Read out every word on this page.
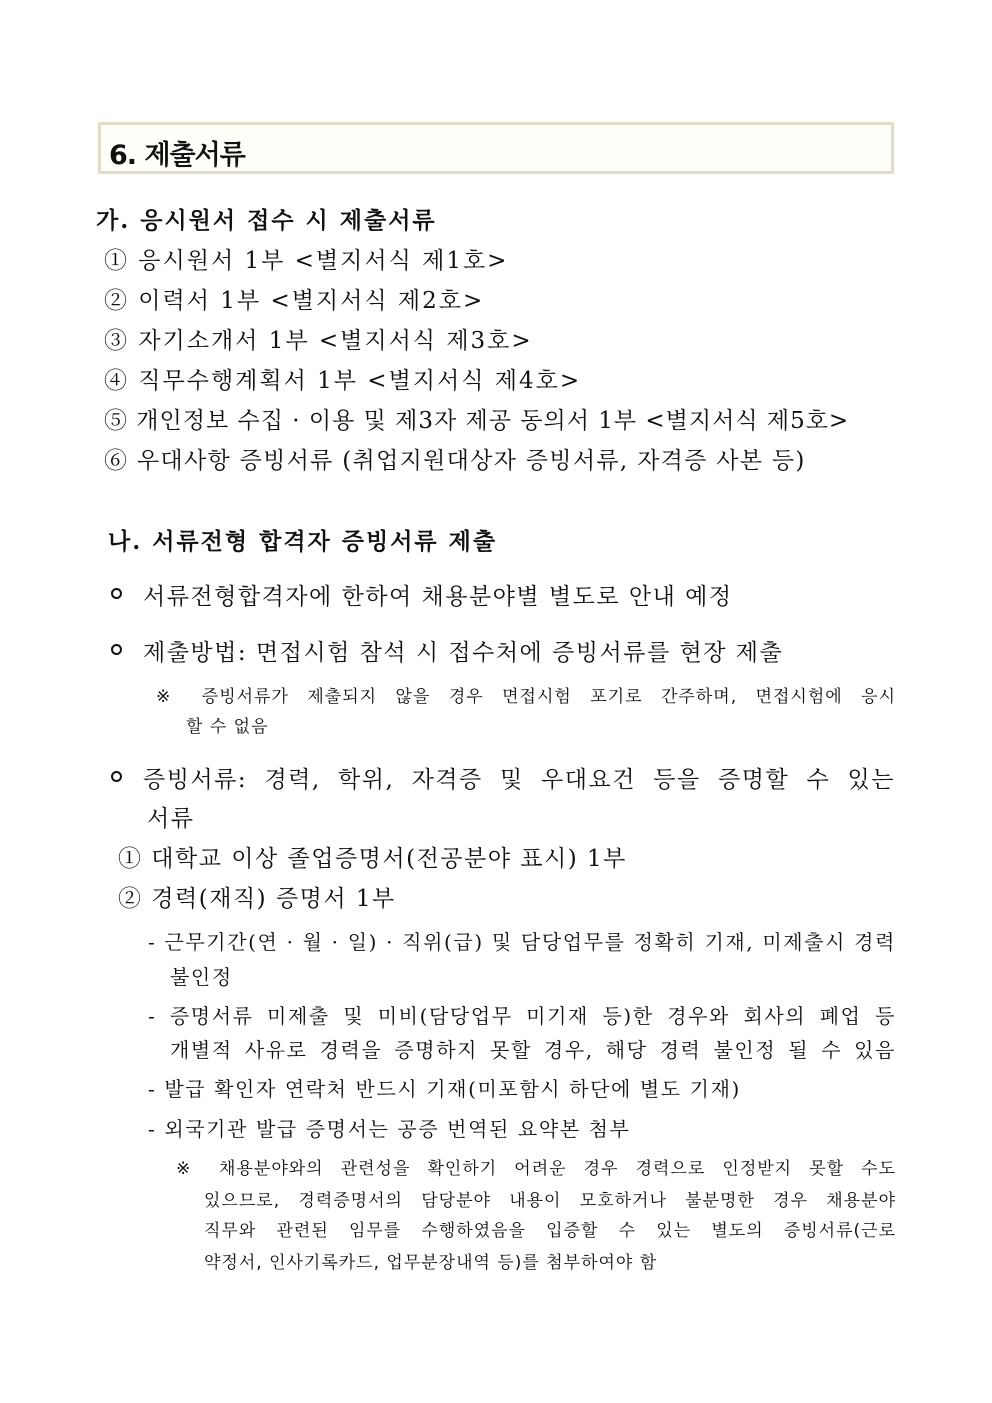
6. 제출서류
가. 응시원서 접수 시 제출서류
① 응시원서 1부 <별지서식 제1호>
② 이력서 1부 <별지서식 제2호>
③ 자기소개서 1부 <별지서식 제3호>
④ 직무수행계획서 1부 <별지서식 제4호>
⑤ 개인정보 수집 · 이용 및 제3자 제공 동의서 1부 <별지서식 제5호>
⑥ 우대사항 증빙서류 (취업지원대상자 증빙서류, 자격증 사본 등)
나. 서류전형 합격자 증빙서류 제출
서류전형합격자에 한하여 채용분야별 별도로 안내 예정
제출방법: 면접시험 참석 시 접수처에 증빙서류를 현장 제출
※ 증빙서류가 제출되지 않을 경우 면접시험 포기로 간주하며, 면접시험에 응시
할 수 없음
증빙서류: 경력, 학위, 자격증 및 우대요건 등을 증명할 수 있는
서류
① 대학교 이상 졸업증명서(전공분야 표시) 1부
② 경력(재직) 증명서 1부
- 근무기간(연 · 월 · 일) · 직위(급) 및 담당업무를 정확히 기재, 미제출시 경력
불인정
- 증명서류 미제출 및 미비(담당업무 미기재 등)한 경우와 회사의 폐업 등
개별적 사유로 경력을 증명하지 못할 경우, 해당 경력 불인정 될 수 있음
- 발급 확인자 연락처 반드시 기재(미포함시 하단에 별도 기재)
- 외국기관 발급 증명서는 공증 번역된 요약본 첨부
※ 채용분야와의 관련성을 확인하기 어려운 경우 경력으로 인정받지 못할 수도
있으므로, 경력증명서의 담당분야 내용이 모호하거나 불분명한 경우 채용분야
직무와 관련된 임무를 수행하였음을 입증할 수 있는 별도의 증빙서류(근로
약정서, 인사기록카드, 업무분장내역 등)를 첨부하여야 함
